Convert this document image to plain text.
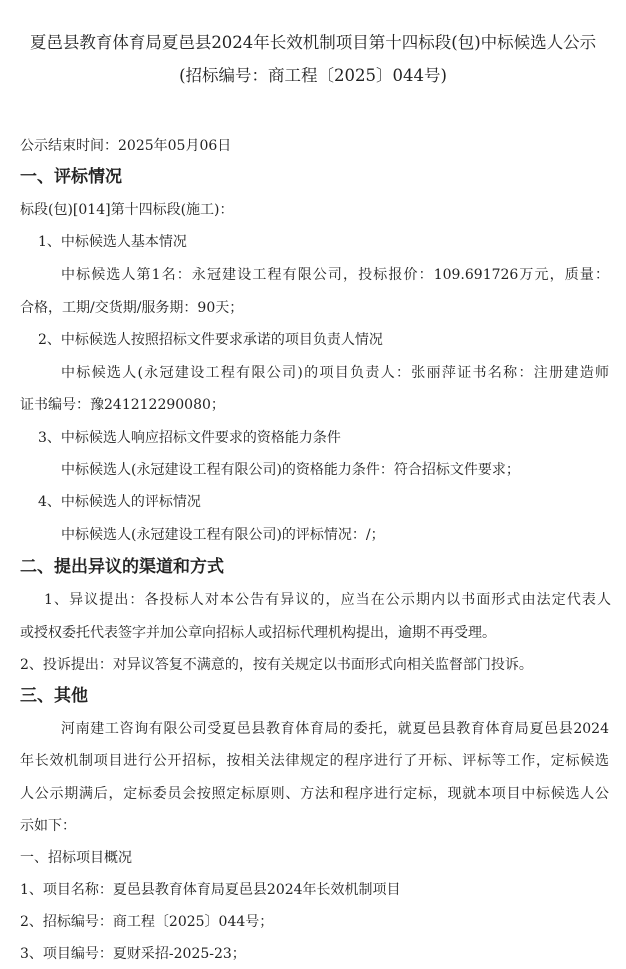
夏邑县教育体育局夏邑县2024年长效机制项目第十四标段(包)中标候选人公示
(招标编号：商工程〔2025〕044号)
公示结束时间：2025年05月06日
一、评标情况
标段(包)[014]第十四标段(施工)：
1、中标候选人基本情况
中标候选人第1名：永冠建设工程有限公司，投标报价：109.691726万元，质量：
合格，工期/交货期/服务期：90天；
2、中标候选人按照招标文件要求承诺的项目负责人情况
中标候选人(永冠建设工程有限公司)的项目负责人：张丽萍证书名称：注册建造师
证书编号：豫241212290080；
3、中标候选人响应招标文件要求的资格能力条件
中标候选人(永冠建设工程有限公司)的资格能力条件：符合招标文件要求；
4、中标候选人的评标情况
中标候选人(永冠建设工程有限公司)的评标情况：/；
二、提出异议的渠道和方式
1、异议提出：各投标人对本公告有异议的，应当在公示期内以书面形式由法定代表人
或授权委托代表签字并加公章向招标人或招标代理机构提出，逾期不再受理。
2、投诉提出：对异议答复不满意的，按有关规定以书面形式向相关监督部门投诉。
三、其他
河南建工咨询有限公司受夏邑县教育体育局的委托，就夏邑县教育体育局夏邑县2024
年长效机制项目进行公开招标，按相关法律规定的程序进行了开标、评标等工作，定标候选
人公示期满后，定标委员会按照定标原则、方法和程序进行定标，现就本项目中标候选人公
示如下：
一、招标项目概况
1、项目名称：夏邑县教育体育局夏邑县2024年长效机制项目
2、招标编号：商工程〔2025〕044号；
3、项目编号：夏财采招-2025-23；
